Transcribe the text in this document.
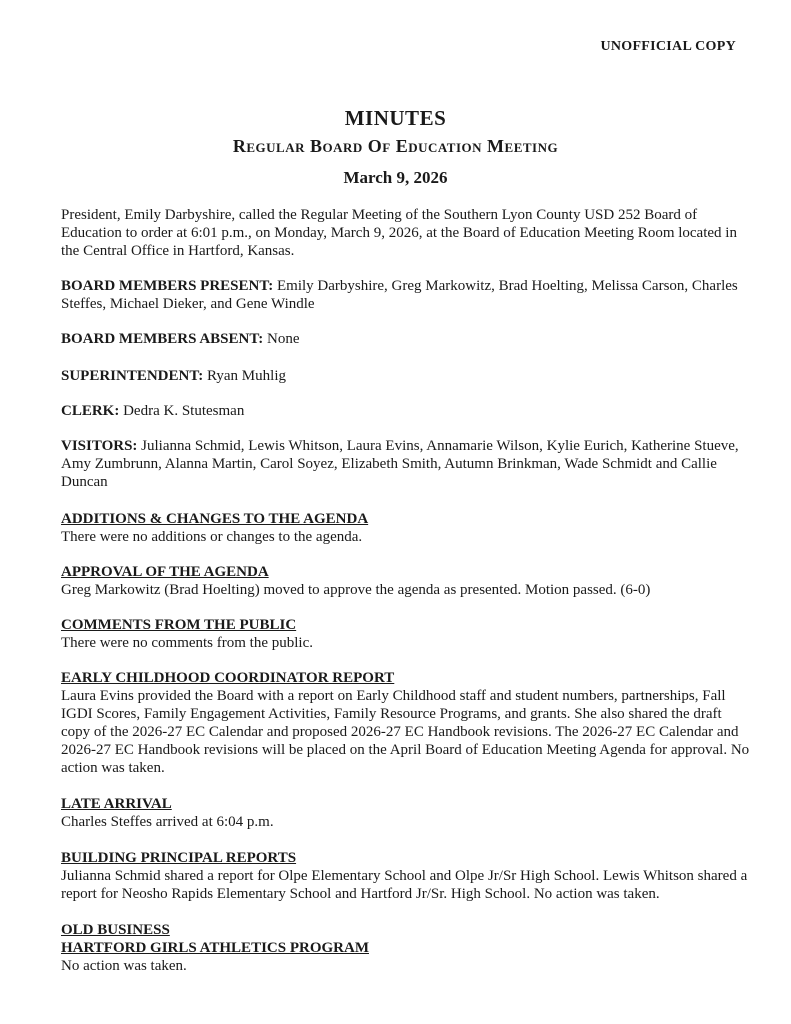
UNOFFICIAL COPY
MINUTES
Regular Board Of Education Meeting
March 9, 2026
President, Emily Darbyshire, called the Regular Meeting of the Southern Lyon County USD 252 Board of Education to order at 6:01 p.m., on Monday, March 9, 2026, at the Board of Education Meeting Room located in the Central Office in Hartford, Kansas.
BOARD MEMBERS PRESENT: Emily Darbyshire, Greg Markowitz, Brad Hoelting, Melissa Carson, Charles Steffes, Michael Dieker, and Gene Windle
BOARD MEMBERS ABSENT: None
SUPERINTENDENT: Ryan Muhlig
CLERK: Dedra K. Stutesman
VISITORS: Julianna Schmid, Lewis Whitson, Laura Evins, Annamarie Wilson, Kylie Eurich, Katherine Stueve, Amy Zumbrunn, Alanna Martin, Carol Soyez, Elizabeth Smith, Autumn Brinkman, Wade Schmidt and Callie Duncan
ADDITIONS & CHANGES TO THE AGENDA
There were no additions or changes to the agenda.
APPROVAL OF THE AGENDA
Greg Markowitz (Brad Hoelting) moved to approve the agenda as presented. Motion passed. (6-0)
COMMENTS FROM THE PUBLIC
There were no comments from the public.
EARLY CHILDHOOD COORDINATOR REPORT
Laura Evins provided the Board with a report on Early Childhood staff and student numbers, partnerships, Fall IGDI Scores, Family Engagement Activities, Family Resource Programs, and grants. She also shared the draft copy of the 2026-27 EC Calendar and proposed 2026-27 EC Handbook revisions. The 2026-27 EC Calendar and 2026-27 EC Handbook revisions will be placed on the April Board of Education Meeting Agenda for approval. No action was taken.
LATE ARRIVAL
Charles Steffes arrived at 6:04 p.m.
BUILDING PRINCIPAL REPORTS
Julianna Schmid shared a report for Olpe Elementary School and Olpe Jr/Sr High School. Lewis Whitson shared a report for Neosho Rapids Elementary School and Hartford Jr/Sr. High School. No action was taken.
OLD BUSINESS
HARTFORD GIRLS ATHLETICS PROGRAM
No action was taken.
